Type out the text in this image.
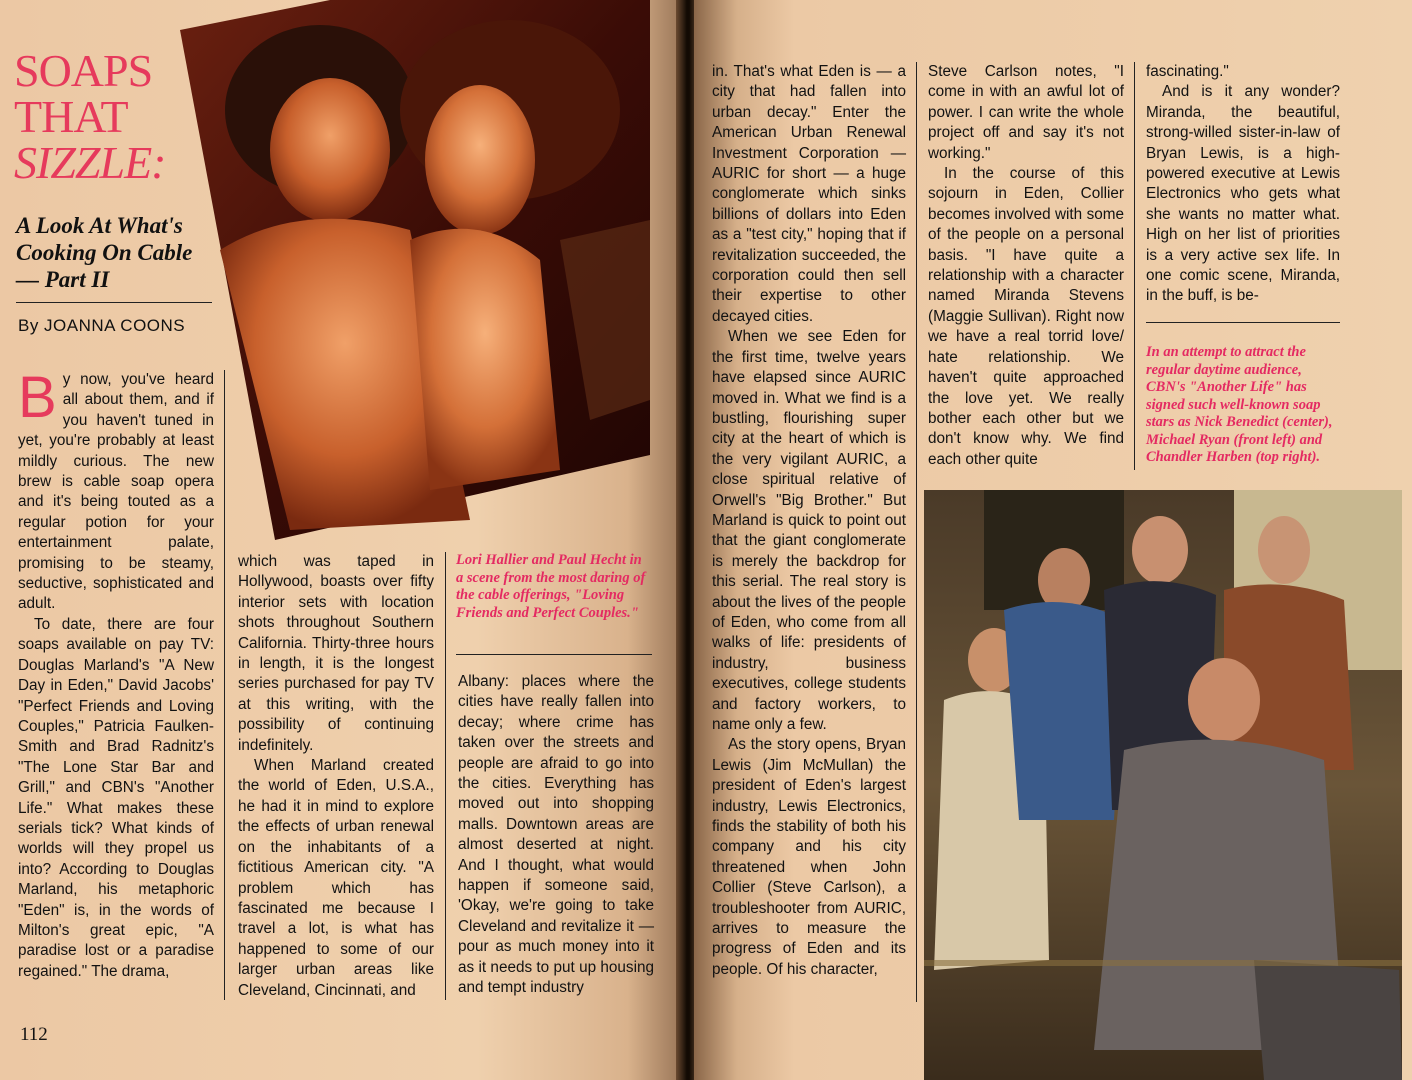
SOAPS
THAT
SIZZLE:
A Look At What's Cooking On Cable — Part II
By JOANNA COONS

By now, you've heard all about them, and if you haven't tuned in yet, you're probably at least mildly curious. The new brew is cable soap opera and it's being touted as a regular potion for your entertainment palate, promising to be steamy, seductive, sophisticated and adult.

To date, there are four soaps available on pay TV: Douglas Marland's "A New Day in Eden," David Jacobs' "Perfect Friends and Loving Couples," Patricia Faulken-Smith and Brad Radnitz's "The Lone Star Bar and Grill," and CBN's "Another Life." What makes these serials tick? What kinds of worlds will they propel us into? According to Douglas Marland, his metaphoric "Eden" is, in the words of Milton's great epic, "A paradise lost or a paradise regained." The drama,

which was taped in Hollywood, boasts over fifty interior sets with location shots throughout Southern California. Thirty-three hours in length, it is the longest series purchased for pay TV at this writing, with the possibility of continuing indefinitely.

When Marland created the world of Eden, U.S.A., he had it in mind to explore the effects of urban renewal on the inhabitants of a fictitious American city. "A problem which has fascinated me because I travel a lot, is what has happened to some of our larger urban areas like Cleveland, Cincinnati, and

Lori Hallier and Paul Hecht in a scene from the most daring of the cable offerings, "Loving Friends and Perfect Couples."

Albany: places where the cities have really fallen into decay; where crime has taken over the streets and people are afraid to go into the cities. Everything has moved out into shopping malls. Downtown areas are almost deserted at night. And I thought, what would happen if someone said, 'Okay, we're going to take Cleveland and revitalize it — pour as much money into it as it needs to put up housing and tempt industry

112

in. That's what Eden is — a city that had fallen into urban decay." Enter the American Urban Renewal Investment Corporation — AURIC for short — a huge conglomerate which sinks billions of dollars into Eden as a "test city," hoping that if revitalization succeeded, the corporation could then sell their expertise to other decayed cities.

When we see Eden for the first time, twelve years have elapsed since AURIC moved in. What we find is a bustling, flourishing super city at the heart of which is the very vigilant AURIC, a close spiritual relative of Orwell's "Big Brother." But Marland is quick to point out that the giant conglomerate is merely the backdrop for this serial. The real story is about the lives of the people of Eden, who come from all walks of life: presidents of industry, business executives, college students and factory workers, to name only a few.

As the story opens, Bryan Lewis (Jim McMullan) the president of Eden's largest industry, Lewis Electronics, finds the stability of both his company and his city threatened when John Collier (Steve Carlson), a troubleshooter from AURIC, arrives to measure the progress of Eden and its people. Of his character,

Steve Carlson notes, "I come in with an awful lot of power. I can write the whole project off and say it's not working."

In the course of this sojourn in Eden, Collier becomes involved with some of the people on a personal basis. "I have quite a relationship with a character named Miranda Stevens (Maggie Sullivan). Right now we have a real torrid love/ hate relationship. We haven't quite approached the love yet. We really bother each other but we don't know why. We find each other quite

fascinating."

And is it any wonder? Miranda, the beautiful, strong-willed sister-in-law of Bryan Lewis, is a high-powered executive at Lewis Electronics who gets what she wants no matter what. High on her list of priorities is a very active sex life. In one comic scene, Miranda, in the buff, is be-

In an attempt to attract the regular daytime audience, CBN's "Another Life" has signed such well-known soap stars as Nick Benedict (center), Michael Ryan (front left) and Chandler Harben (top right).
